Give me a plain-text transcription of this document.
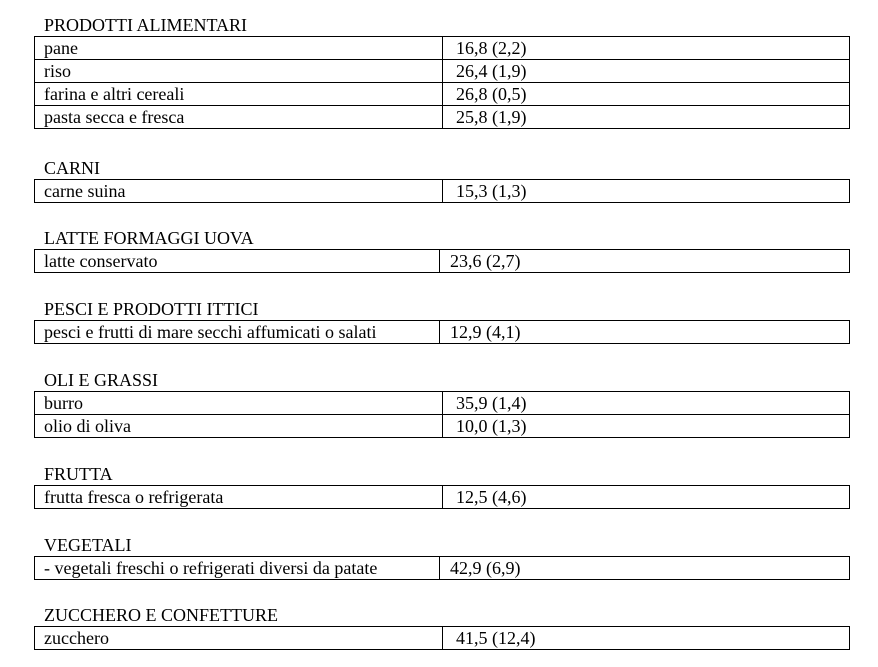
PRODOTTI ALIMENTARI
pane	16,8 (2,2)
riso	26,4 (1,9)
farina e altri cereali	26,8 (0,5)
pasta secca e fresca	25,8 (1,9)
CARNI
carne suina	15,3 (1,3)
LATTE FORMAGGI UOVA
latte conservato	23,6 (2,7)
PESCI E PRODOTTI ITTICI
pesci e frutti di mare secchi affumicati o salati	12,9 (4,1)
OLI E GRASSI
burro	35,9 (1,4)
olio di oliva	10,0 (1,3)
FRUTTA
frutta fresca o refrigerata	12,5 (4,6)
VEGETALI
- vegetali freschi o refrigerati diversi da patate	42,9 (6,9)
ZUCCHERO E CONFETTURE
zucchero	41,5 (12,4)
